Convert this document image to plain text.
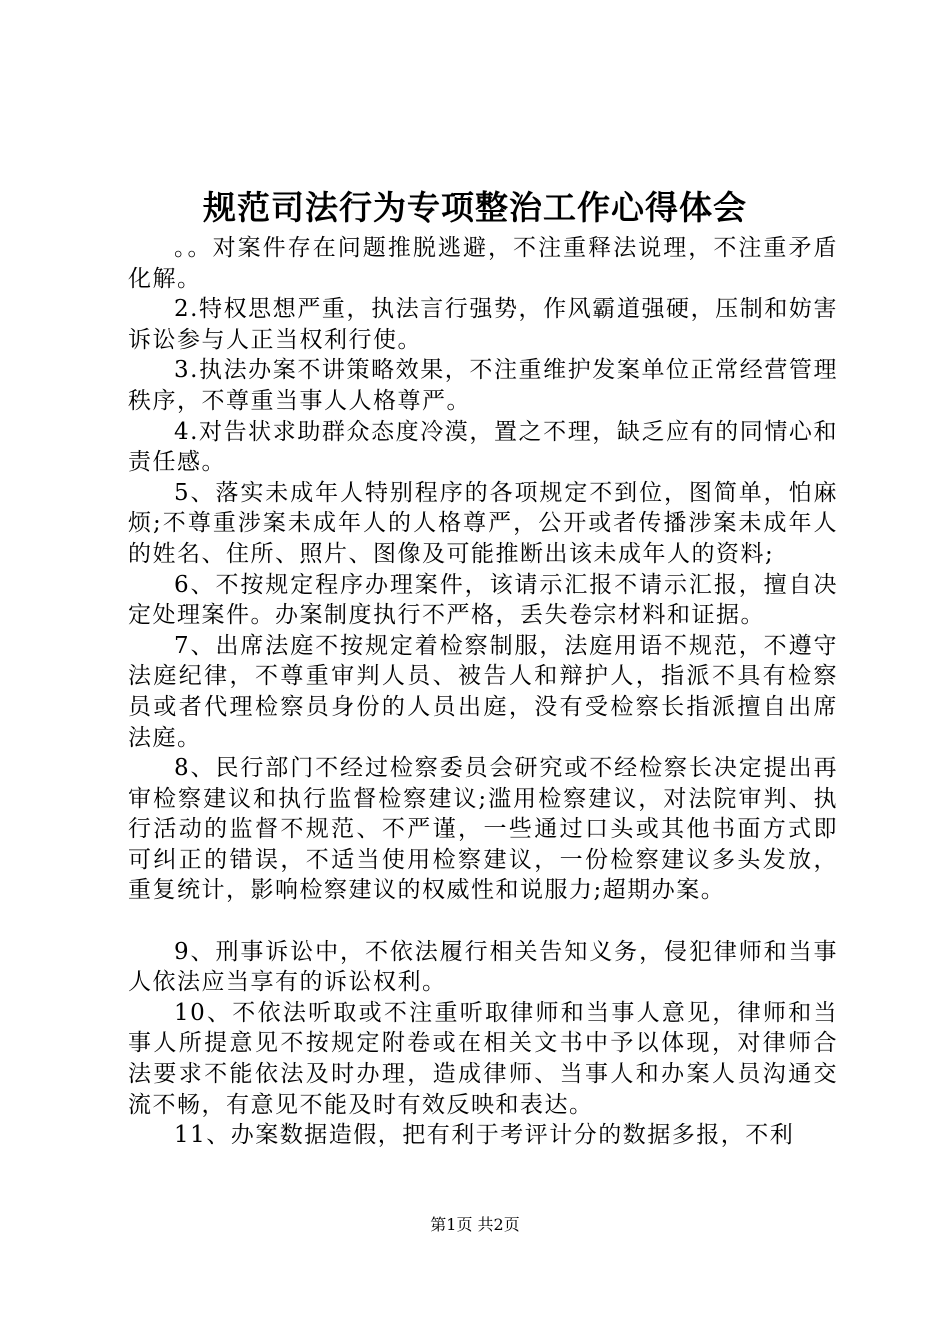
规范司法行为专项整治工作心得体会

。。对案件存在问题推脱逃避，不注重释法说理，不注重矛盾化解。

2.特权思想严重，执法言行强势，作风霸道强硬，压制和妨害诉讼参与人正当权利行使。

3.执法办案不讲策略效果，不注重维护发案单位正常经营管理秩序，不尊重当事人人格尊严。

4.对告状求助群众态度冷漠，置之不理，缺乏应有的同情心和责任感。

5、落实未成年人特别程序的各项规定不到位，图简单，怕麻烦;不尊重涉案未成年人的人格尊严，公开或者传播涉案未成年人的姓名、住所、照片、图像及可能推断出该未成年人的资料;

6、不按规定程序办理案件，该请示汇报不请示汇报，擅自决定处理案件。办案制度执行不严格，丢失卷宗材料和证据。

7、出席法庭不按规定着检察制服，法庭用语不规范，不遵守法庭纪律，不尊重审判人员、被告人和辩护人，指派不具有检察员或者代理检察员身份的人员出庭，没有受检察长指派擅自出席法庭。

8、民行部门不经过检察委员会研究或不经检察长决定提出再审检察建议和执行监督检察建议;滥用检察建议，对法院审判、执行活动的监督不规范、不严谨，一些通过口头或其他书面方式即可纠正的错误，不适当使用检察建议，一份检察建议多头发放，重复统计，影响检察建议的权威性和说服力;超期办案。

9、刑事诉讼中，不依法履行相关告知义务，侵犯律师和当事人依法应当享有的诉讼权利。

10、不依法听取或不注重听取律师和当事人意见，律师和当事人所提意见不按规定附卷或在相关文书中予以体现，对律师合法要求不能依法及时办理，造成律师、当事人和办案人员沟通交流不畅，有意见不能及时有效反映和表达。

11、办案数据造假，把有利于考评计分的数据多报，不利

第1页 共2页
